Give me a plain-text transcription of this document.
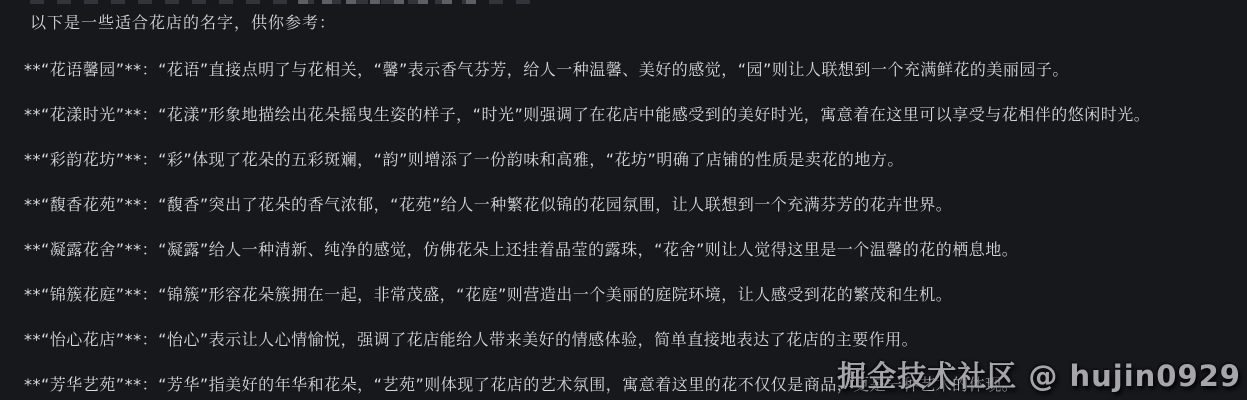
以下是一些适合花店的名字，供你参考：
**“花语馨园”**：“花语”直接点明了与花相关，“馨”表示香气芬芳，给人一种温馨、美好的感觉，“园”则让人联想到一个充满鲜花的美丽园子。
**“花漾时光”**：“花漾”形象地描绘出花朵摇曳生姿的样子，“时光”则强调了在花店中能感受到的美好时光，寓意着在这里可以享受与花相伴的悠闲时光。
**“彩韵花坊”**：“彩”体现了花朵的五彩斑斓，“韵”则增添了一份韵味和高雅，“花坊”明确了店铺的性质是卖花的地方。
**“馥香花苑”**：“馥香”突出了花朵的香气浓郁，“花苑”给人一种繁花似锦的花园氛围，让人联想到一个充满芬芳的花卉世界。
**“凝露花舍”**：“凝露”给人一种清新、纯净的感觉，仿佛花朵上还挂着晶莹的露珠，“花舍”则让人觉得这里是一个温馨的花的栖息地。
**“锦簇花庭”**：“锦簇”形容花朵簇拥在一起，非常茂盛，“花庭”则营造出一个美丽的庭院环境，让人感受到花的繁茂和生机。
**“怡心花店”**：“怡心”表示让人心情愉悦，强调了花店能给人带来美好的情感体验，简单直接地表达了花店的主要作用。
**“芳华艺苑”**：“芳华”指美好的年华和花朵，“艺苑”则体现了花店的艺术氛围，寓意着这里的花不仅仅是商品，更是一种艺术的体现。
掘金技术社区 @ hujin0929
